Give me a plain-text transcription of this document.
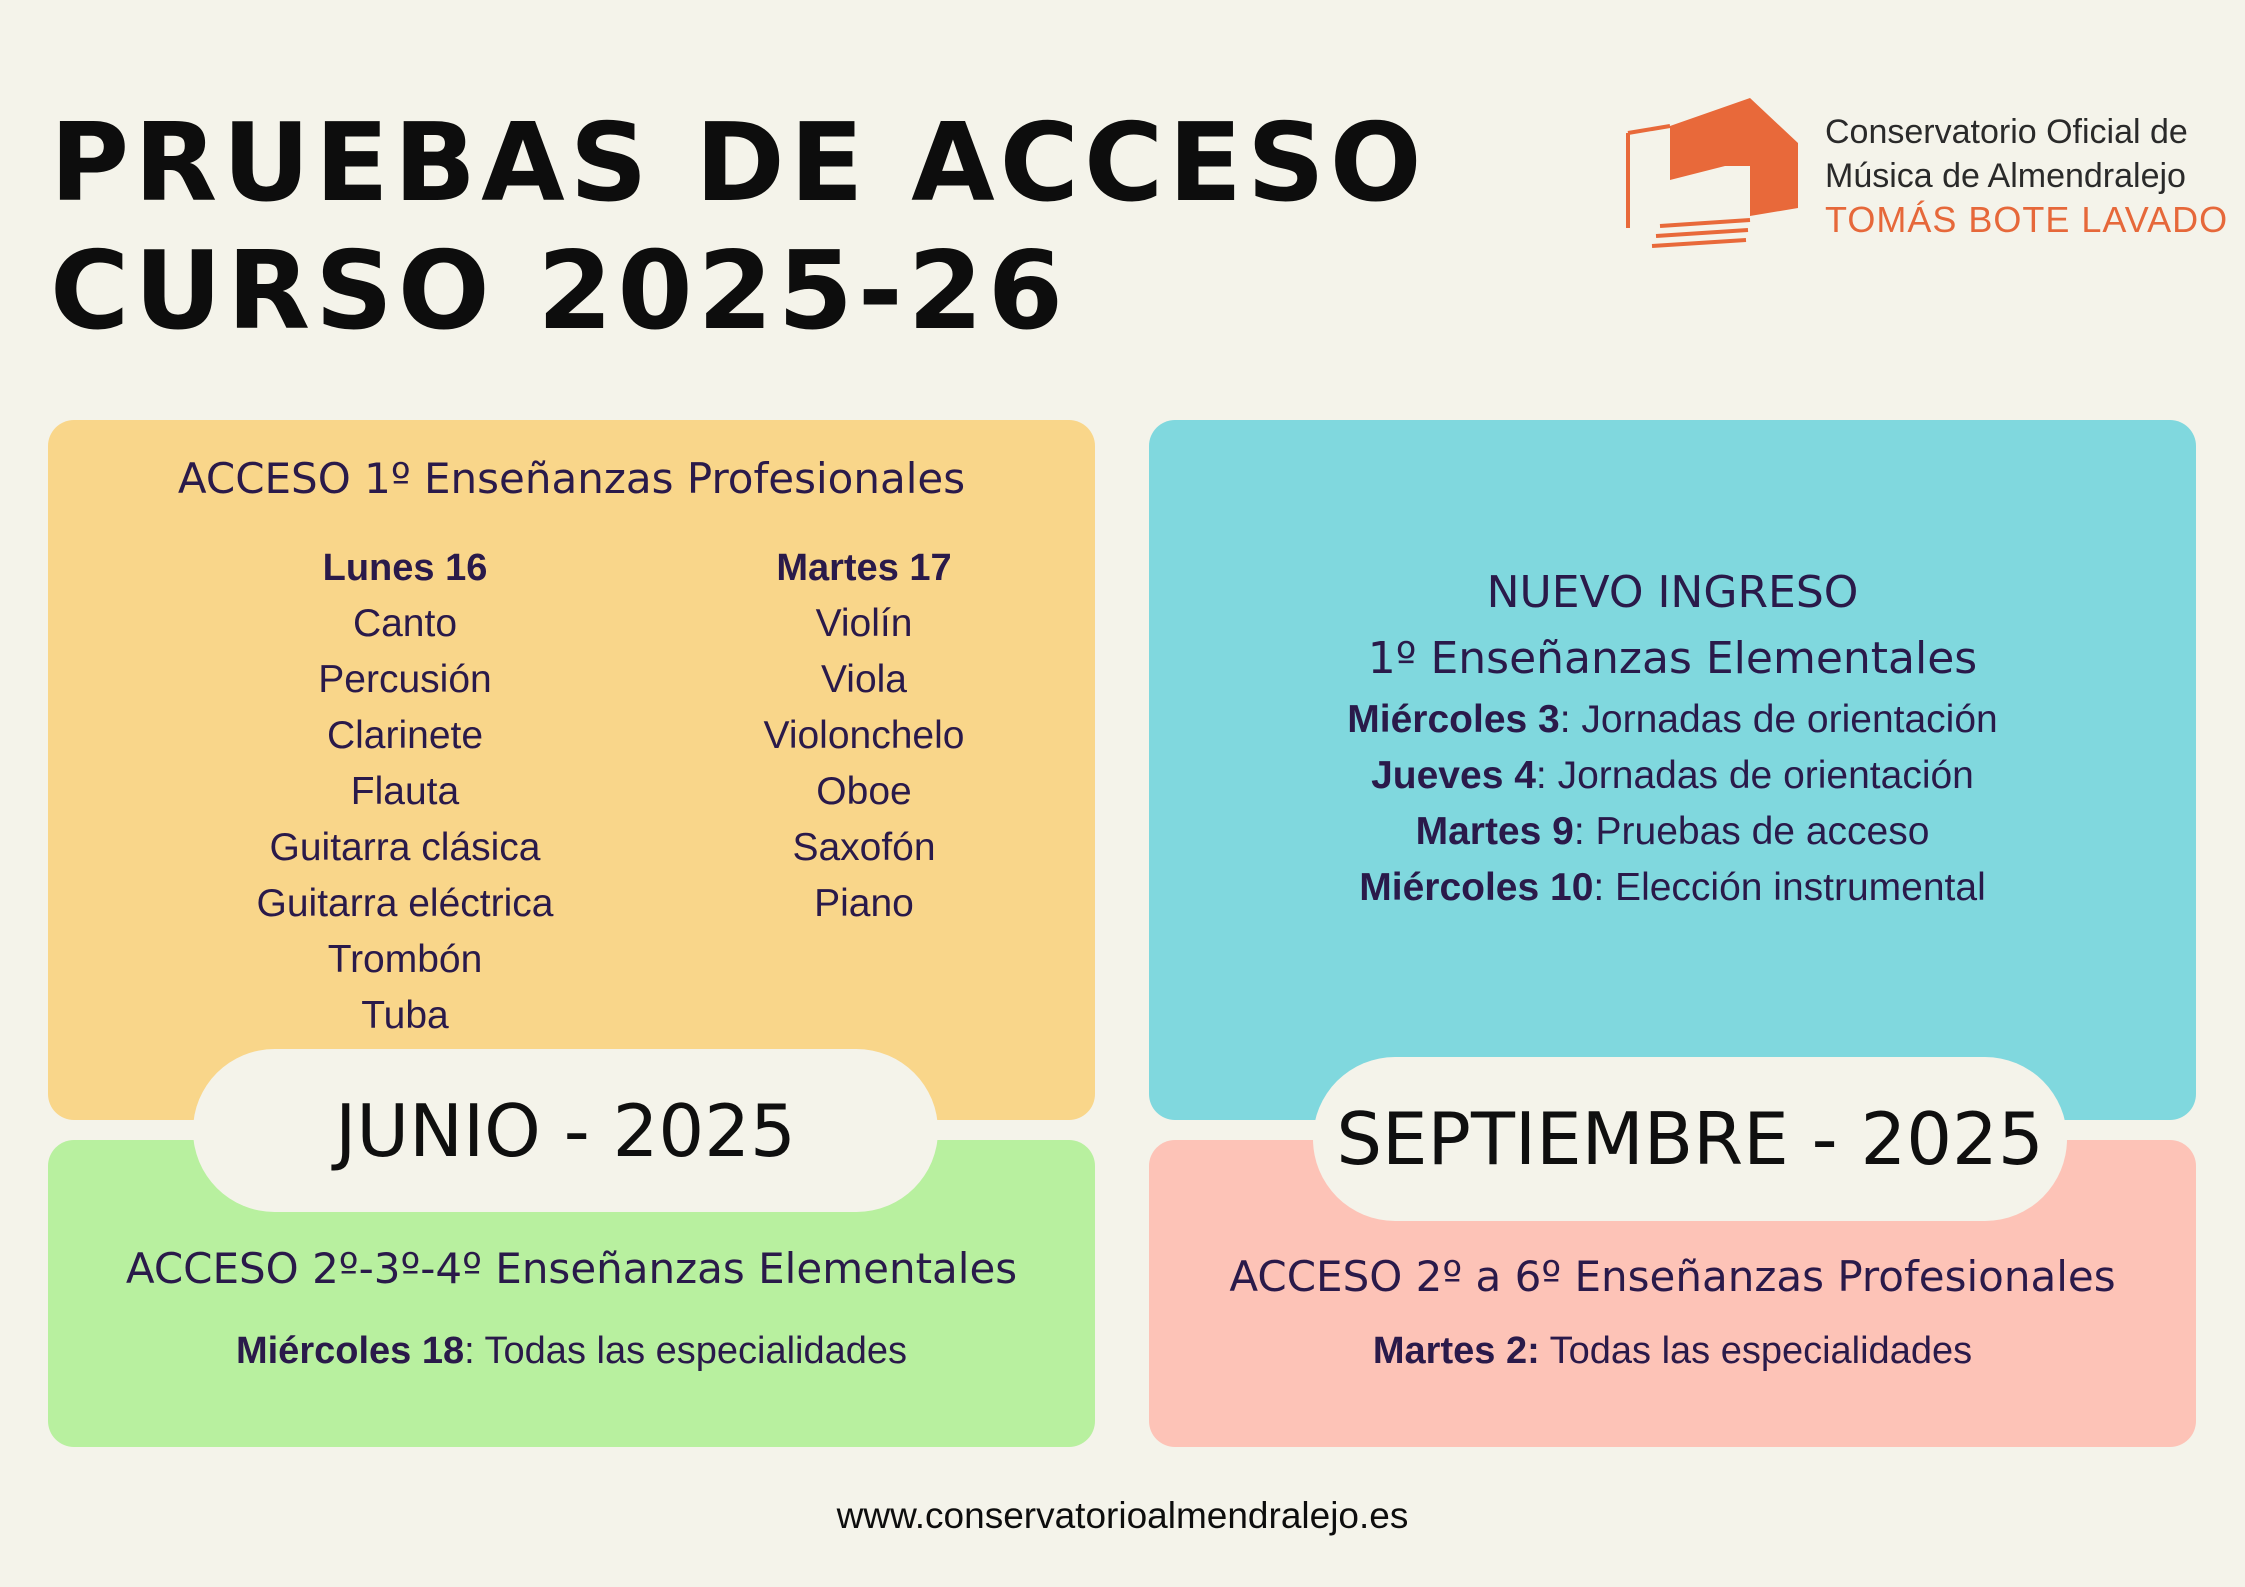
PRUEBAS DE ACCESO
CURSO 2025-26
Conservatorio Oficial de
Música de Almendralejo
TOMÁS BOTE LAVADO
ACCESO 1º Enseñanzas Profesionales
Lunes 16
Canto
Percusión
Clarinete
Flauta
Guitarra clásica
Guitarra eléctrica
Trombón
Tuba
Martes 17
Violín
Viola
Violonchelo
Oboe
Saxofón
Piano
NUEVO INGRESO
1º Enseñanzas Elementales
Miércoles 3: Jornadas de orientación
Jueves 4: Jornadas de orientación
Martes 9: Pruebas de acceso
Miércoles 10: Elección instrumental
ACCESO 2º-3º-4º Enseñanzas Elementales
Miércoles 18: Todas las especialidades
ACCESO 2º a 6º Enseñanzas Profesionales
Martes 2: Todas las especialidades
JUNIO - 2025	SEPTIEMBRE - 2025
www.conservatorioalmendralejo.es
